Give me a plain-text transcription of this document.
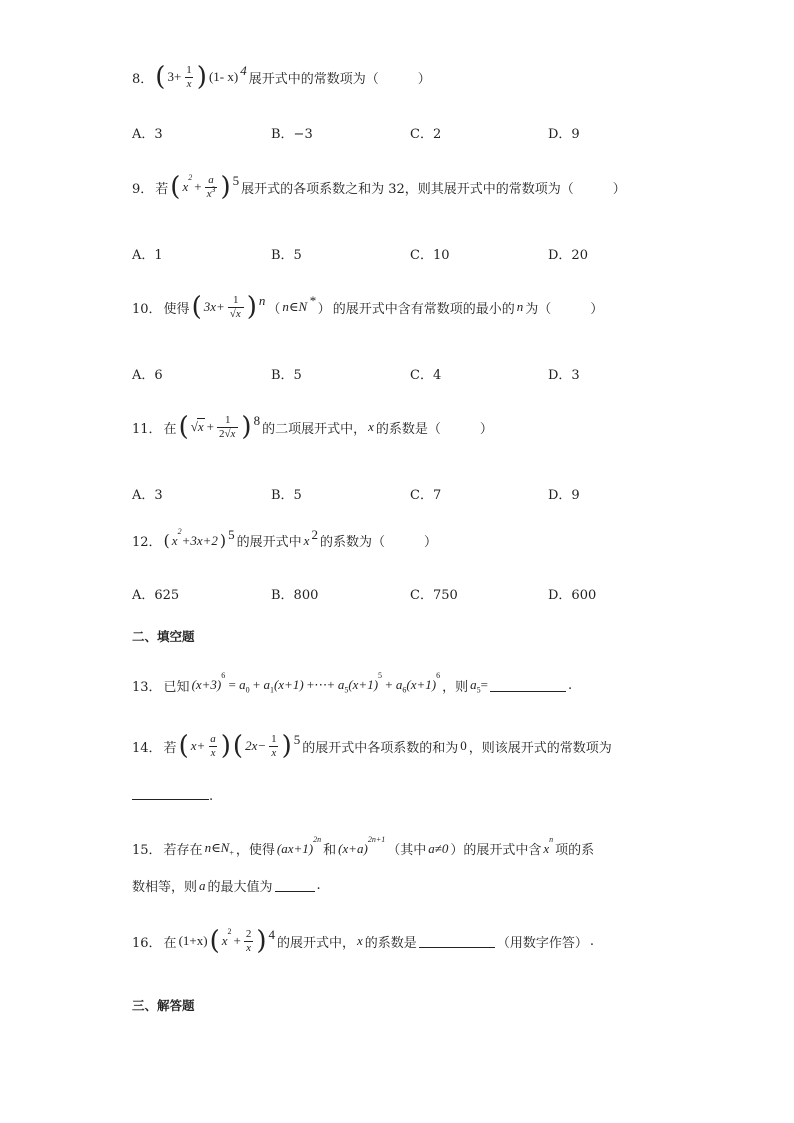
8． ( $3+ \frac{1}{x}$ ) (1- x)$^4$
展开式中的常数项为（　　　）
A．3	B．−3	C．2	D．9
9． 若 ( $x^2$
+ $\frac{a}{x^3} )^5$
展开式的各项系数之和为 32，则其展开式中的常数项为（　　　）
A．1	B．5	C．10	D．20
10． 使得 ( $3x+ \frac{1}{√x} )^n$
（ n∈N*
） 的展开式中含有常数项的最小的 n 为（　　　）
A．6	B．5	C．4	D．3
11． 在 ( $√x + \frac{1}{2√x} )^8$
的二项展开式中， x 的系数是（　　　）
A．3	B．5	C．7	D．9
12． ( $x^2+3x+2$ )$^5$
的展开式中 $x^2$
的系数为（　　　）
A．625	B．800	C．750	D．600
二、填空题
13． 已知 $(x+3)^6 = a_0 + a_1(x+1)$ +⋯+ $a_5(x+1)^5 + a_6(x+1)^6$
，则 $a_5=$	.
14． 若 ( $x+ \frac{a}{x}$ ) ( $2x- \frac{1}{x} )^5$
的展开式中各项系数的和为 0 ，则该展开式的常数项为
.
15． 若存在 $n\in N_+$ ，使得 $(ax+1)^{2n}$
和 $(x+a)^{2n+1}$
（其中 a≠0 ）的展开式中含 $x^n$
项的系
数相等，则 a 的最大值为	.
16． 在 (1+x) ( $x^2$
+ $\frac{2}{x} )^4$
的展开式中， x 的系数是	（用数字作答） .
三、解答题
